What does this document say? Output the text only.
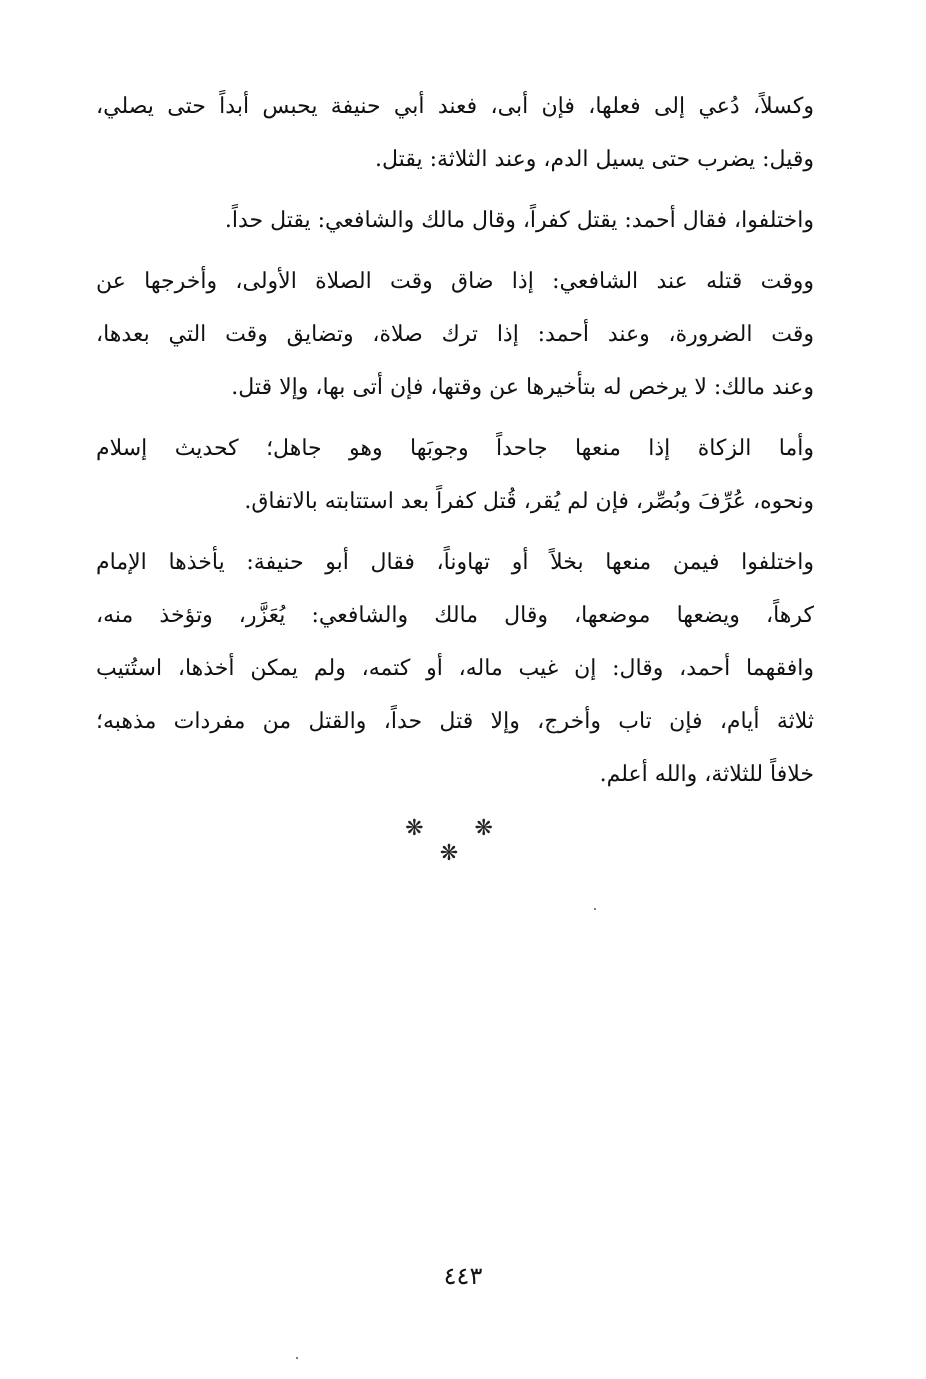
وكسلاً، دُعي إلى فعلها، فإن أبى، فعند أبي حنيفة يحبس أبداً حتى يصلي،
وقيل: يضرب حتى يسيل الدم، وعند الثلاثة: يقتل.
واختلفوا، فقال أحمد: يقتل كفراً، وقال مالك والشافعي: يقتل حداً.
ووقت قتله عند الشافعي: إذا ضاق وقت الصلاة الأولى، وأخرجها عن
وقت الضرورة، وعند أحمد: إذا ترك صلاة، وتضايق وقت التي بعدها،
وعند مالك: لا يرخص له بتأخيرها عن وقتها، فإن أتى بها، وإلا قتل.
وأما الزكاة إذا منعها جاحداً وجوبَها وهو جاهل؛ كحديث إسلام
ونحوه، عُرِّفَ وبُصِّر، فإن لم يُقر، قُتل كفراً بعد استتابته بالاتفاق.
واختلفوا فيمن منعها بخلاً أو تهاوناً، فقال أبو حنيفة: يأخذها الإمام
كرهاً، ويضعها موضعها، وقال مالك والشافعي: يُعَزَّر، وتؤخذ منه،
وافقهما أحمد، وقال: إن غيب ماله، أو كتمه، ولم يمكن أخذها، استُتيب
ثلاثة أيام، فإن تاب وأخرج، وإلا قتل حداً، والقتل من مفردات مذهبه؛
خلافاً للثلاثة، والله أعلم.
❋ ❋ ❋
٤٤٣
